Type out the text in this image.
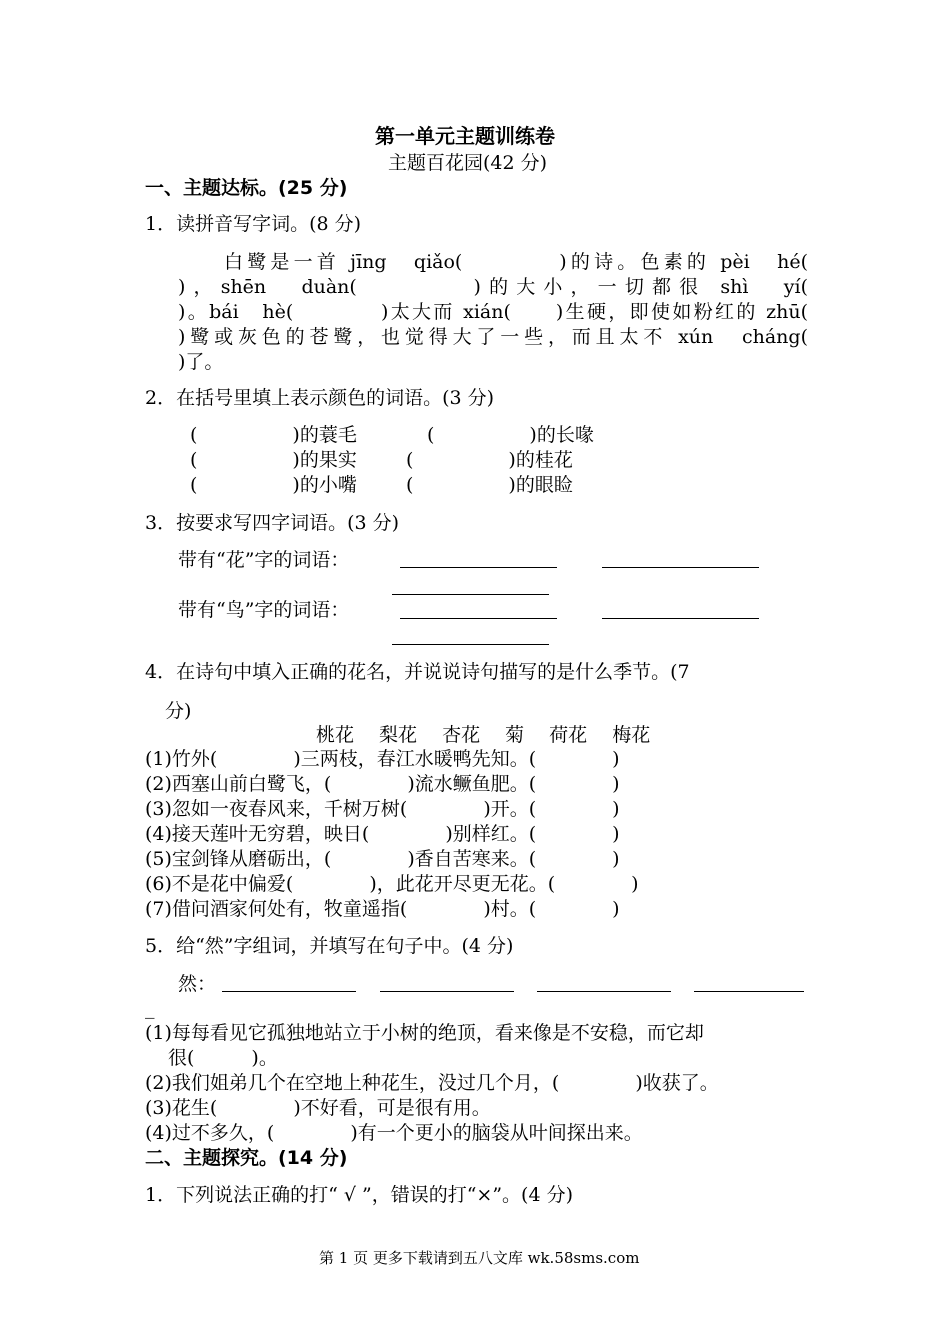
第一单元主题训练卷
主题百花园(42 分)
一、主题达标。(25 分)
1．读拼音写字词。(8 分)
白鹭是一首 jīng　qiǎo(　　　　)的诗。色素的 pèi　hé(
)，shēn　duàn(　　　　)的大小，一切都很 shì　yí(
)。bái　hè(　　　　)太大而 xián(　　)生硬，即使如粉红的 zhū(
)鹭或灰色的苍鹭，也觉得大了一些，而且太不 xún　cháng(
)了。
2．在括号里填上表示颜色的词语。(3 分)
(　　　　　)的蓑毛	(　　　　　)的长喙
(　　　　　)的果实	(　　　　　)的桂花
(　　　　　)的小嘴	(　　　　　)的眼睑
3．按要求写四字词语。(3 分)
带有“花”字的词语：
带有“鸟”字的词语：
4．在诗句中填入正确的花名，并说说诗句描写的是什么季节。(7
分)
桃花　 梨花　 杏花　 菊　 荷花　 梅花
(1)竹外(　　　　)三两枝，春江水暖鸭先知。(　　　　)
(2)西塞山前白鹭飞，(　　　　)流水鳜鱼肥。(　　　　)
(3)忽如一夜春风来，千树万树(　　　　)开。(　　　　)
(4)接天莲叶无穷碧，映日(　　　　)别样红。(　　　　)
(5)宝剑锋从磨砺出，(　　　　)香自苦寒来。(　　　　)
(6)不是花中偏爱(　　　　)，此花开尽更无花。(　　　　)
(7)借问酒家何处有，牧童遥指(　　　　)村。(　　　　)
5．给“然”字组词，并填写在句子中。(4 分)
然：
_
(1)每每看见它孤独地站立于小树的绝顶，看来像是不安稳，而它却
很(　　　)。
(2)我们姐弟几个在空地上种花生，没过几个月，(　　　　)收获了。
(3)花生(　　　　)不好看，可是很有用。
(4)过不多久，(　　　　)有一个更小的脑袋从叶间探出来。
二、主题探究。(14 分)
1．下列说法正确的打“ √ ”，错误的打“×”。(4 分)
第 1 页 更多下载请到五八文库 wk.58sms.com
